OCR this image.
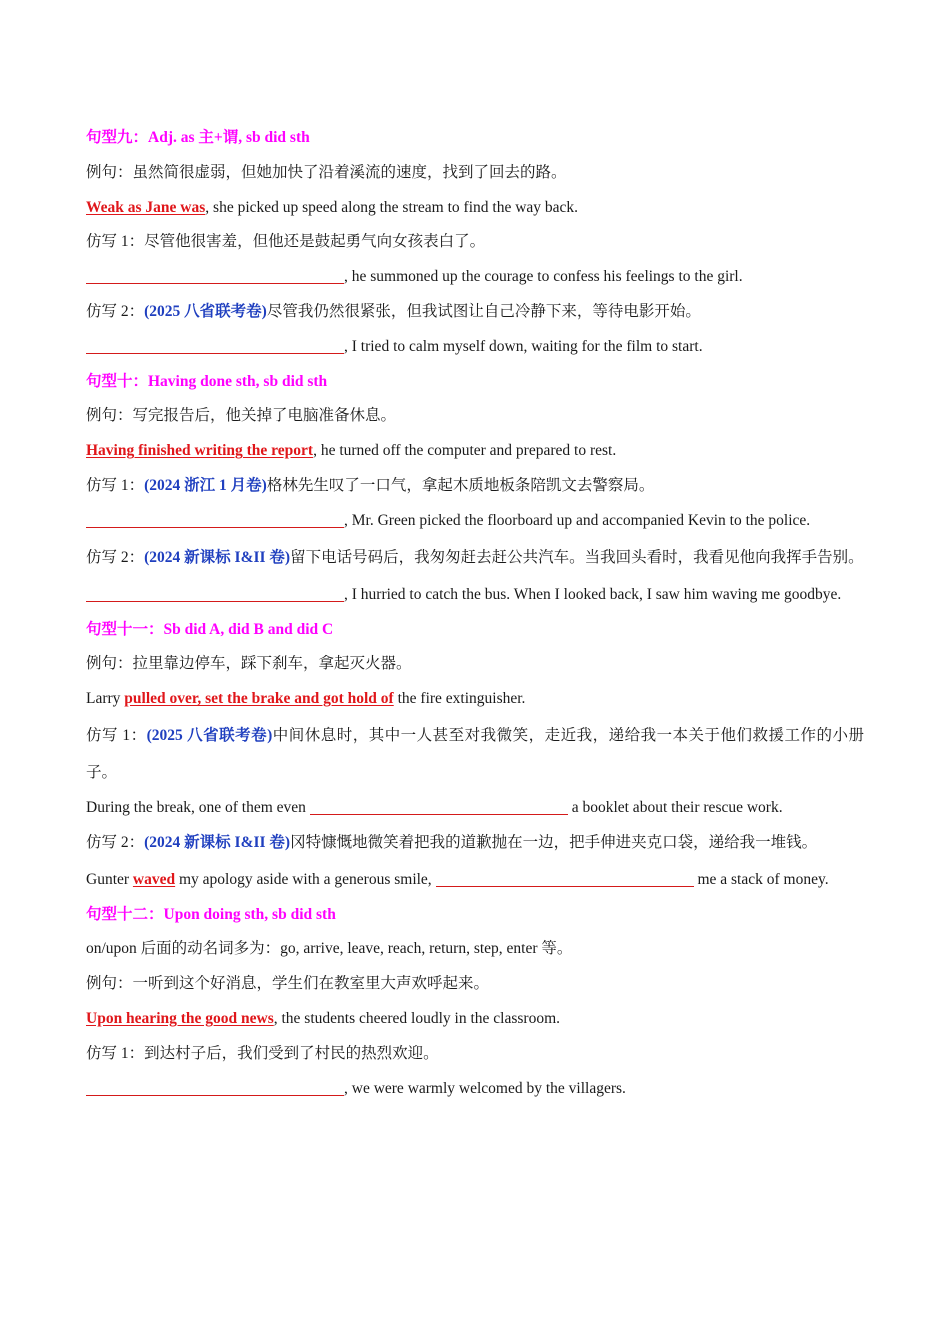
句型九：Adj. as 主+谓, sb did sth
例句：虽然简很虚弱，但她加快了沿着溪流的速度，找到了回去的路。
Weak as Jane was, she picked up speed along the stream to find the way back.
仿写 1：尽管他很害羞，但他还是鼓起勇气向女孩表白了。
, he summoned up the courage to confess his feelings to the girl.
仿写 2：(2025 八省联考卷)尽管我仍然很紧张，但我试图让自己冷静下来，等待电影开始。
, I tried to calm myself down, waiting for the film to start.
句型十：Having done sth, sb did sth
例句：写完报告后，他关掉了电脑准备休息。
Having finished writing the report, he turned off the computer and prepared to rest.
仿写 1：(2024 浙江 1 月卷)格林先生叹了一口气，拿起木质地板条陪凯文去警察局。
, Mr. Green picked the floorboard up and accompanied Kevin to the police.
仿写 2：(2024 新课标 I&II 卷)留下电话号码后，我匆匆赶去赶公共汽车。当我回头看时，我看见他向我挥手告别。
, I hurried to catch the bus. When I looked back, I saw him waving me goodbye.
句型十一：Sb did A, did B and did C
例句：拉里靠边停车，踩下刹车，拿起灭火器。
Larry pulled over, set the brake and got hold of the fire extinguisher.
仿写 1：(2025 八省联考卷)中间休息时，其中一人甚至对我微笑，走近我，递给我一本关于他们救援工作的小册子。
During the break, one of them even	a booklet about their rescue work.
仿写 2：(2024 新课标 I&II 卷)冈特慷慨地微笑着把我的道歉抛在一边，把手伸进夹克口袋，递给我一堆钱。
Gunter waved my apology aside with a generous smile,	me a stack of money.
句型十二：Upon doing sth, sb did sth
on/upon 后面的动名词多为：go, arrive, leave, reach, return, step, enter 等。
例句：一听到这个好消息，学生们在教室里大声欢呼起来。
Upon hearing the good news, the students cheered loudly in the classroom.
仿写 1：到达村子后，我们受到了村民的热烈欢迎。
, we were warmly welcomed by the villagers.
